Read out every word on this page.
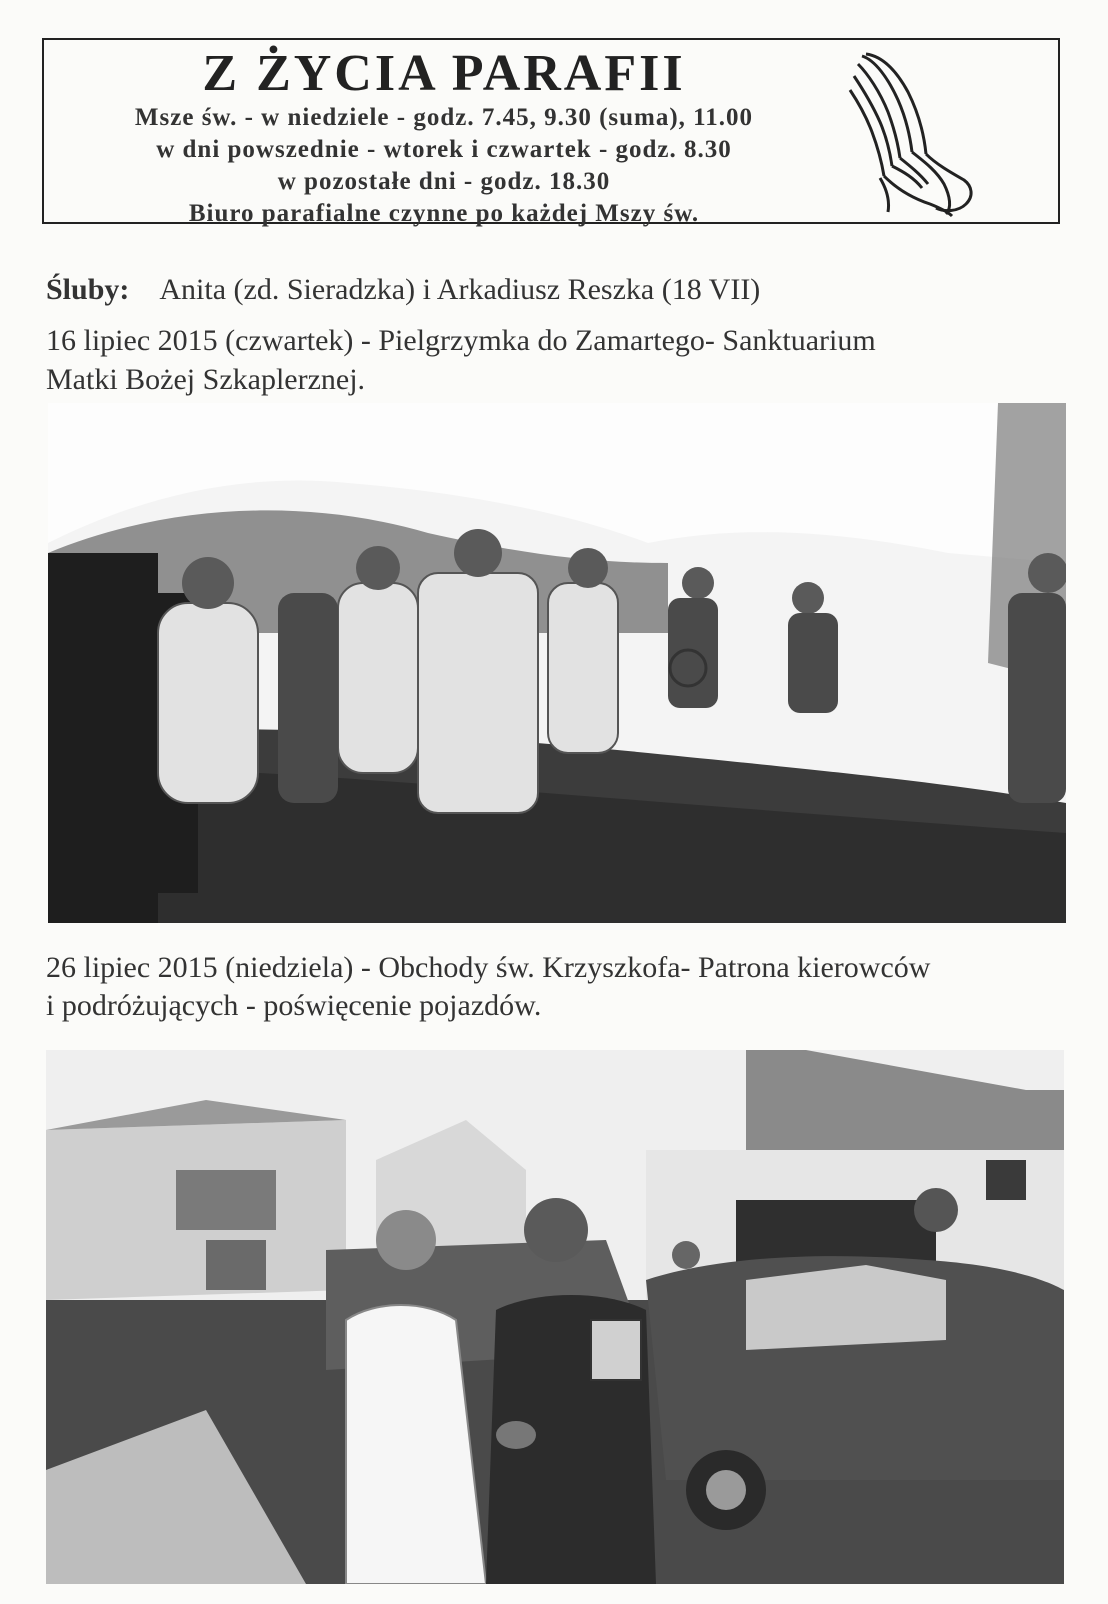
Z ŻYCIA PARAFII
Msze św. - w niedziele - godz. 7.45, 9.30 (suma), 11.00
w dni powszednie - wtorek i czwartek - godz. 8.30
w pozostałe dni - godz. 18.30
Biuro parafialne czynne po każdej Mszy św.
Śluby: Anita (zd. Sieradzka) i Arkadiusz Reszka (18 VII)
16 lipiec 2015 (czwartek) - Pielgrzymka do Zamartego- Sanktuarium
Matki Bożej Szkaplerznej.
26 lipiec 2015 (niedziela) - Obchody św. Krzyszkofa- Patrona kierowców
i podróżujących - poświęcenie pojazdów.
